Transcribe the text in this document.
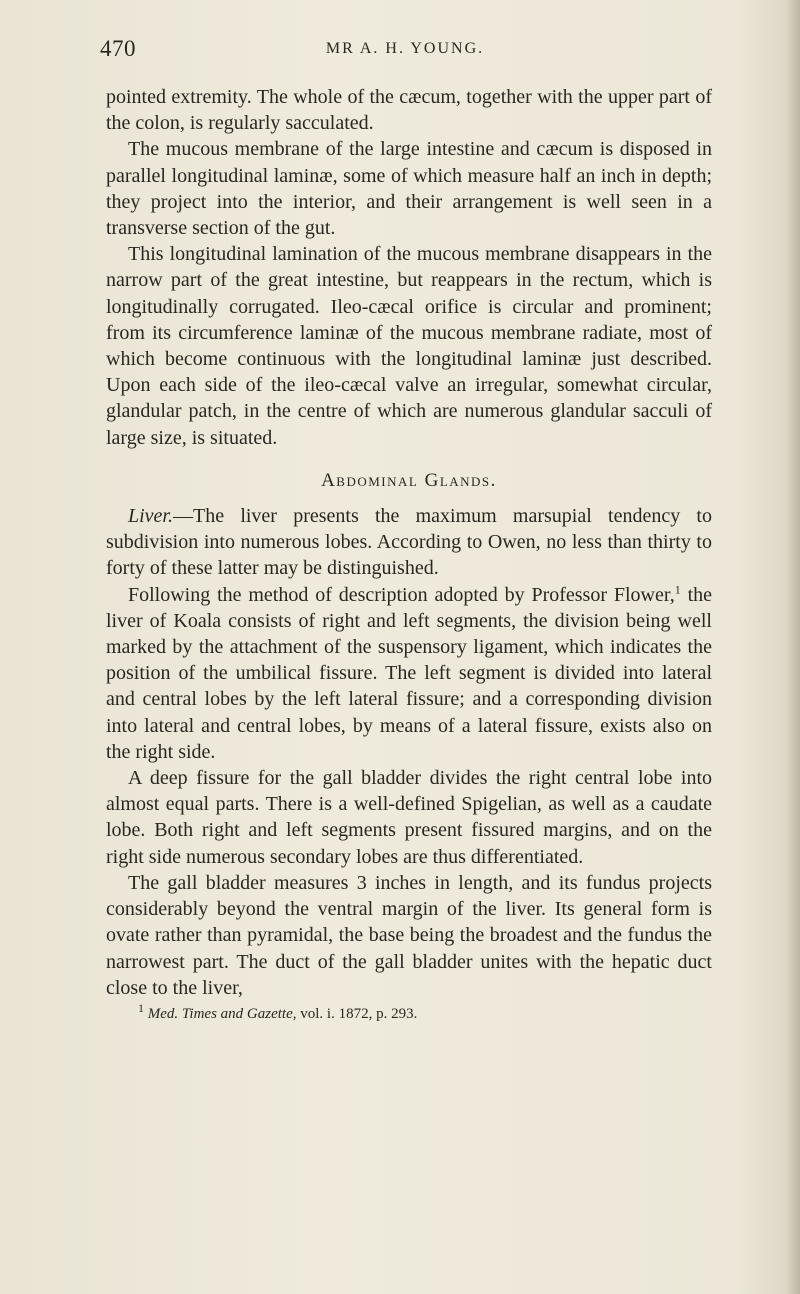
470	MR A. H. YOUNG.

pointed extremity. The whole of the cæcum, together with the upper part of the colon, is regularly sacculated.

The mucous membrane of the large intestine and cæcum is disposed in parallel longitudinal laminæ, some of which measure half an inch in depth; they project into the interior, and their arrangement is well seen in a transverse section of the gut.

This longitudinal lamination of the mucous membrane disappears in the narrow part of the great intestine, but reappears in the rectum, which is longitudinally corrugated. Ileo-cæcal orifice is circular and prominent; from its circumference laminæ of the mucous membrane radiate, most of which become continuous with the longitudinal laminæ just described. Upon each side of the ileo-cæcal valve an irregular, somewhat circular, glandular patch, in the centre of which are numerous glandular sacculi of large size, is situated.

Abdominal Glands.

Liver.—The liver presents the maximum marsupial tendency to subdivision into numerous lobes. According to Owen, no less than thirty to forty of these latter may be distinguished.

Following the method of description adopted by Professor Flower,$^1$ the liver of Koala consists of right and left segments, the division being well marked by the attachment of the suspensory ligament, which indicates the position of the umbilical fissure. The left segment is divided into lateral and central lobes by the left lateral fissure; and a corresponding division into lateral and central lobes, by means of a lateral fissure, exists also on the right side.

A deep fissure for the gall bladder divides the right central lobe into almost equal parts. There is a well-defined Spigelian, as well as a caudate lobe. Both right and left segments present fissured margins, and on the right side numerous secondary lobes are thus differentiated.

The gall bladder measures 3 inches in length, and its fundus projects considerably beyond the ventral margin of the liver. Its general form is ovate rather than pyramidal, the base being the broadest and the fundus the narrowest part. The duct of the gall bladder unites with the hepatic duct close to the liver,

$^1$ Med. Times and Gazette, vol. i. 1872, p. 293.
